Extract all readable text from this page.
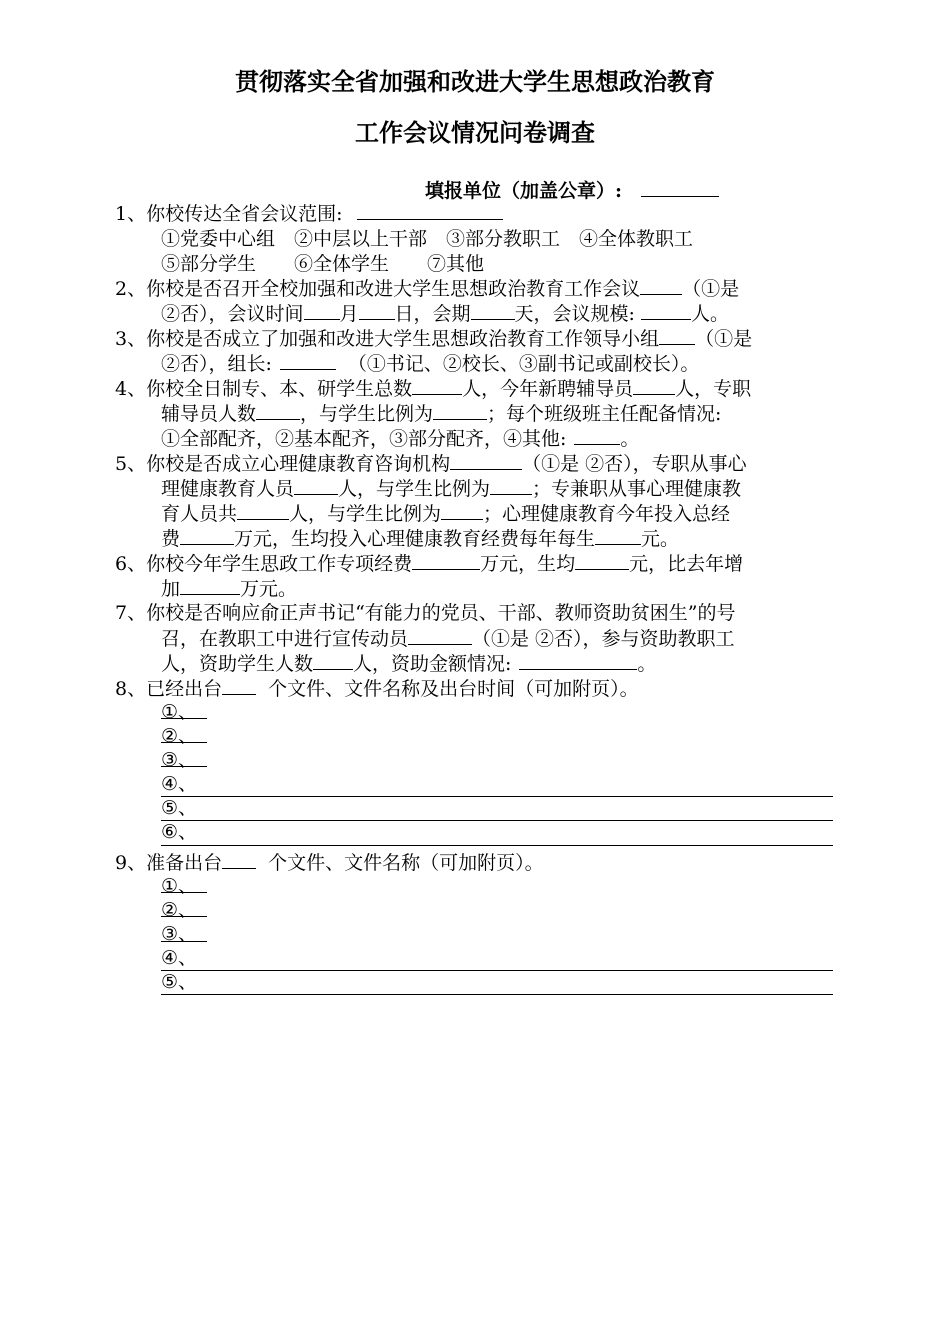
贯彻落实全省加强和改进大学生思想政治教育
工作会议情况问卷调查
填报单位（加盖公章）:
1、你校传达全省会议范围:
①党委中心组　②中层以上干部　③部分教职工　④全体教职工
⑤部分学生　　⑥全体学生　　⑦其他
2、你校是否召开全校加强和改进大学生思想政治教育工作会议 （①是
②否），会议时间 月 日，会期 天，会议规模:	人。
3、你校是否成立了加强和改进大学生思想政治教育工作领导小组 （①是
②否），组长:	（①书记、②校长、③副书记或副校长）。
4、你校全日制专、本、研学生总数	人，今年新聘辅导员 人，专职
辅导员人数 ，与学生比例为	；每个班级班主任配备情况:
①全部配齐，②基本配齐，③部分配齐，④其他:	。
5、你校是否成立心理健康教育咨询机构	（①是 ②否），专职从事心
理健康教育人员 人，与学生比例为 ；专兼职从事心理健康教
育人员共	人，与学生比例为 ；心理健康教育今年投入总经
费	万元，生均投入心理健康教育经费每年每生 元。
6、你校今年学生思政工作专项经费	万元，生均	元，比去年增
加	万元。
7、你校是否响应俞正声书记“有能力的党员、干部、教师资助贫困生”的号
召，在教职工中进行宣传动员	（①是 ②否），参与资助教职工
人，资助学生人数 人，资助金额情况:	。
8、已经出台 个文件、文件名称及出台时间（可加附页）。
①、
②、
③、
④、
⑤、
⑥、
9、准备出台 个文件、文件名称（可加附页）。
①、
②、
③、
④、
⑤、
